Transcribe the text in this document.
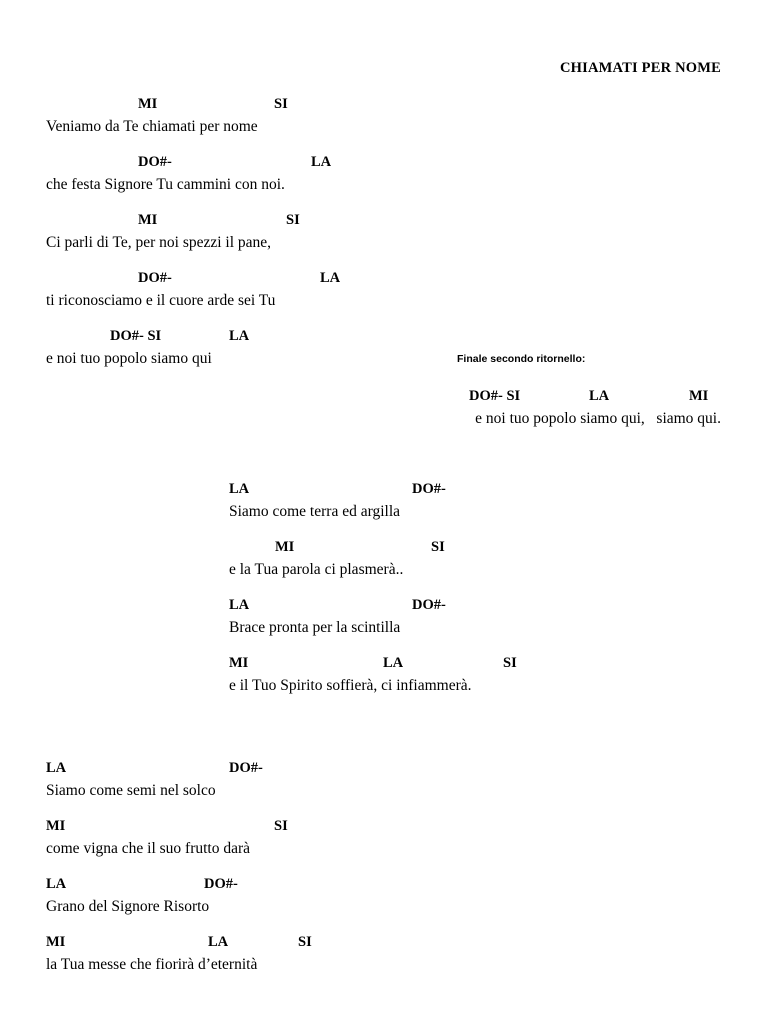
CHIAMATI PER NOME
MI	SI
Veniamo da Te chiamati per nome
DO#-	LA
che festa Signore Tu cammini con noi.
MI	SI
Ci parli di Te, per noi spezzi il pane,
DO#-	LA
ti riconosciamo e il cuore arde sei Tu
DO#- SI	LA
e noi tuo popolo siamo qui	Finale secondo ritornello:
DO#- SI	LA	MI
e noi tuo popolo siamo qui,   siamo qui.
LA	DO#-
Siamo come terra ed argilla
MI	SI
e la Tua parola ci plasmerà..
LA	DO#-
Brace pronta per la scintilla
MI	LA	SI
e il Tuo Spirito soffierà, ci infiammerà.
LA	DO#-
Siamo come semi nel solco
MI	SI
come vigna che il suo frutto darà
LA	DO#-
Grano del Signore Risorto
MI	LA	SI
la Tua messe che fiorirà d’eternità
